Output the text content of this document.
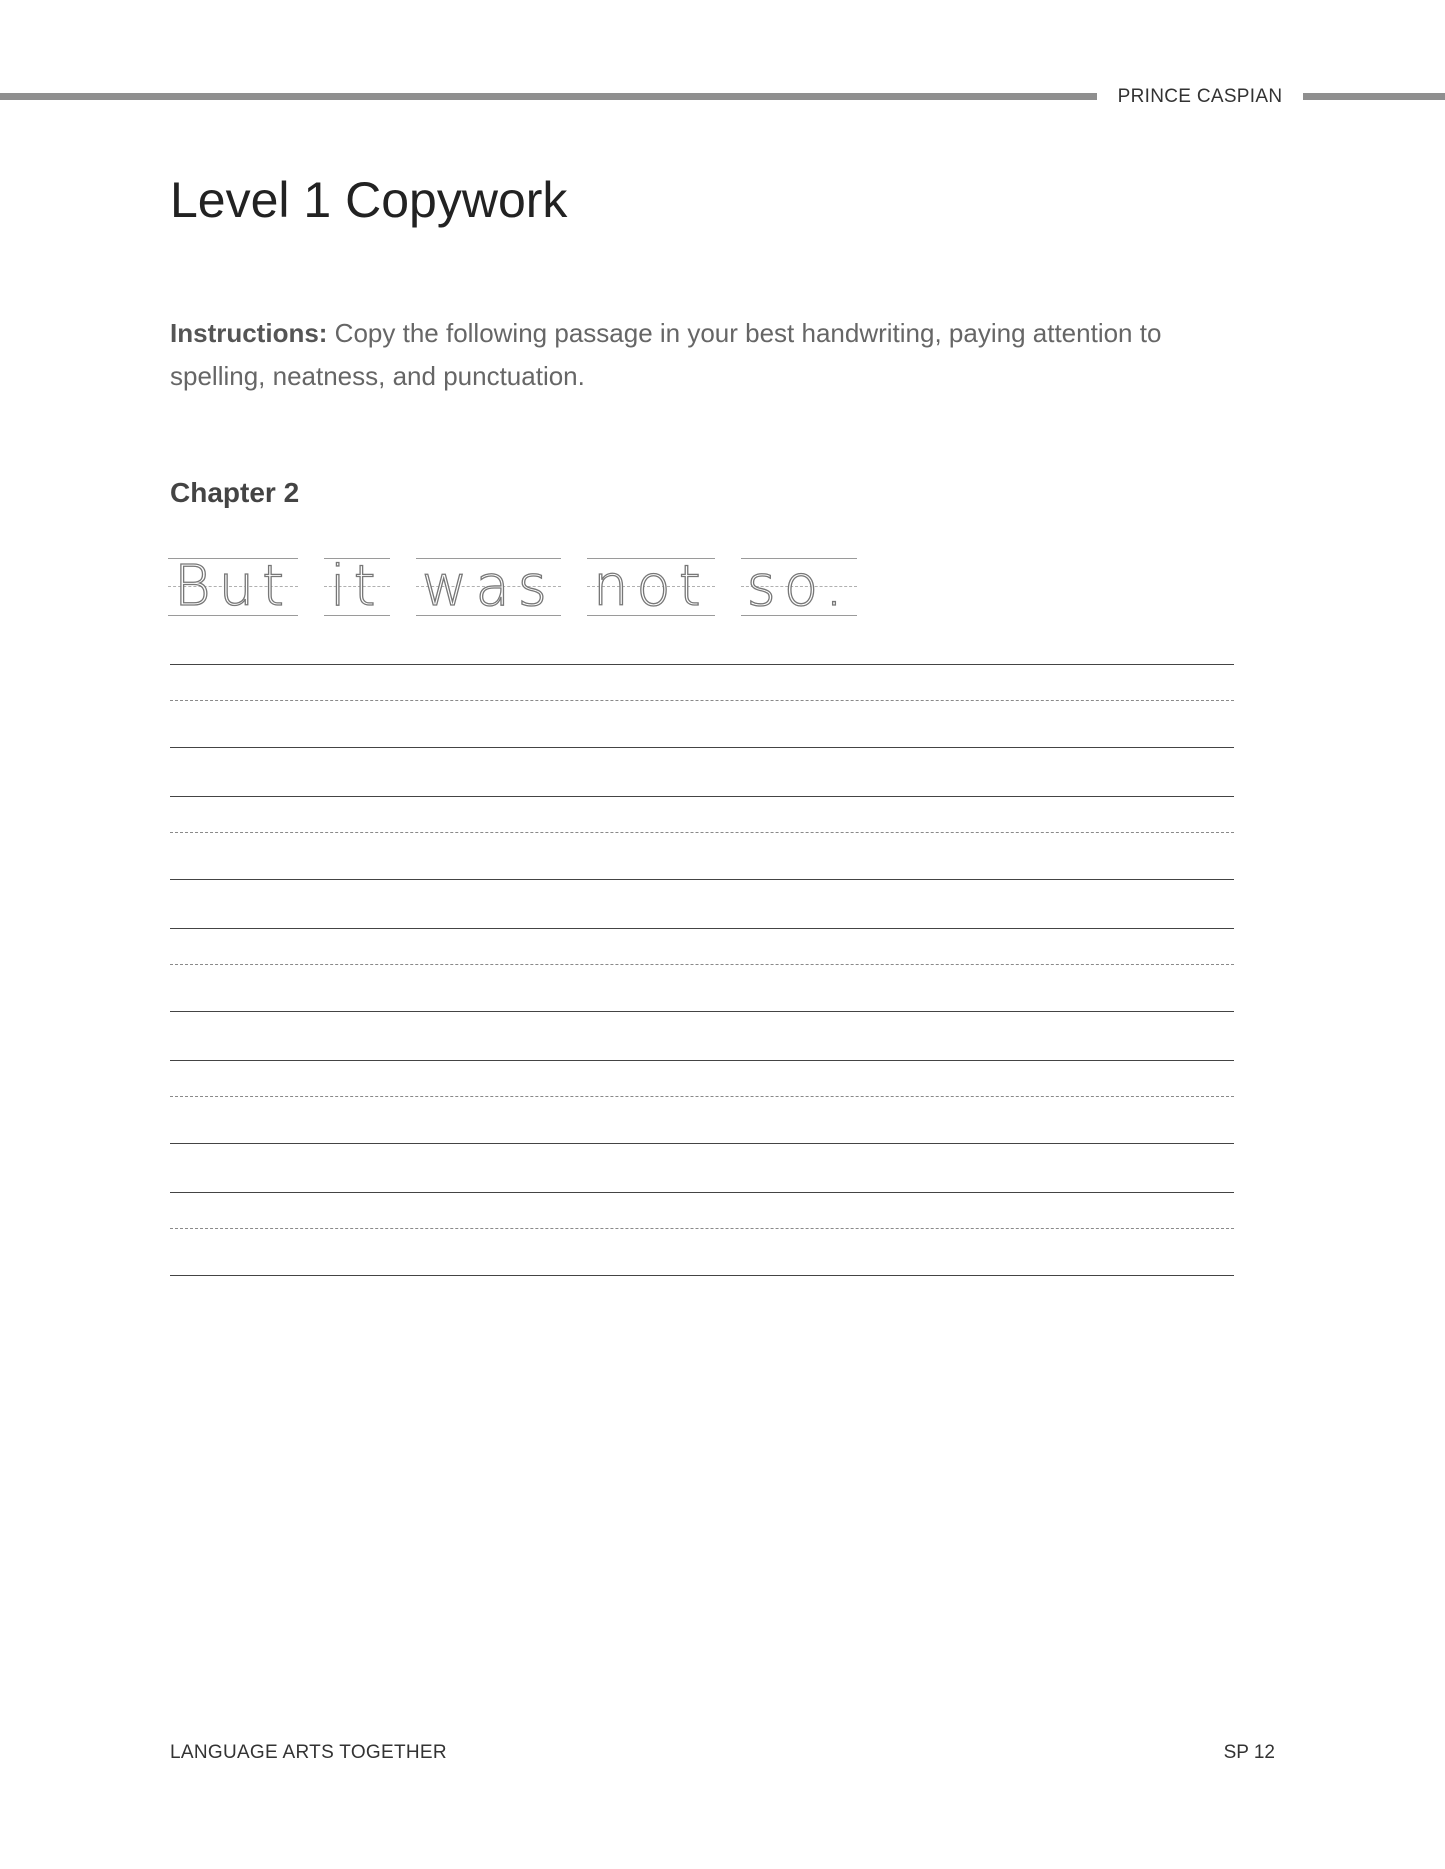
PRINCE CASPIAN
Level 1 Copywork
Instructions: Copy the following passage in your best handwriting, paying attention to spelling, neatness, and punctuation.
Chapter 2
But it was not so.
LANGUAGE ARTS TOGETHER	SP 12
